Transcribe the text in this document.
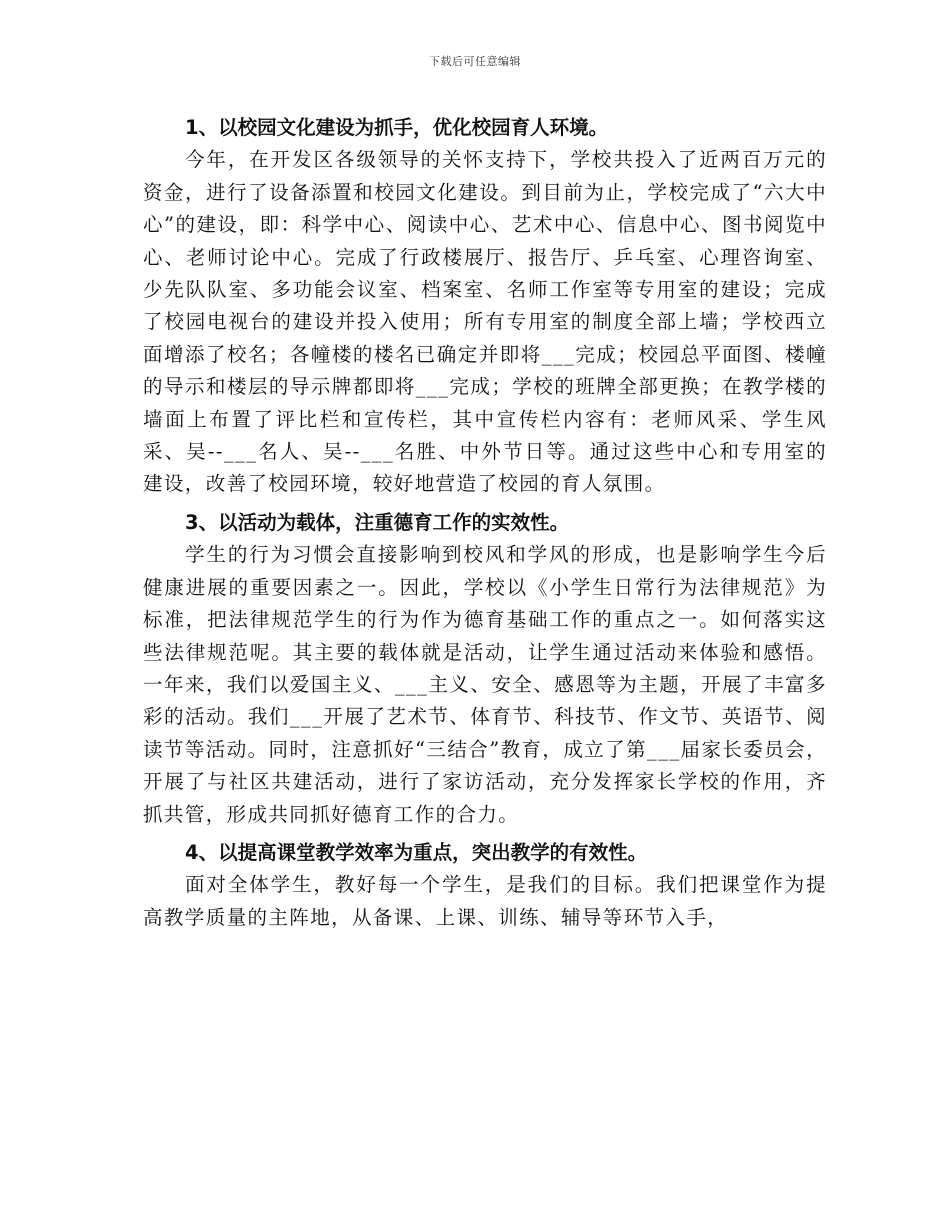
下载后可任意编辑

1、以校园文化建设为抓手，优化校园育人环境。

今年，在开发区各级领导的关怀支持下，学校共投入了近两百万元的资金，进行了设备添置和校园文化建设。到目前为止，学校完成了“六大中心”的建设，即：科学中心、阅读中心、艺术中心、信息中心、图书阅览中心、老师讨论中心。完成了行政楼展厅、报告厅、乒乓室、心理咨询室、少先队队室、多功能会议室、档案室、名师工作室等专用室的建设；完成了校园电视台的建设并投入使用；所有专用室的制度全部上墙；学校西立面增添了校名；各幢楼的楼名已确定并即将___完成；校园总平面图、楼幢的导示和楼层的导示牌都即将___完成；学校的班牌全部更换；在教学楼的墙面上布置了评比栏和宣传栏，其中宣传栏内容有：老师风采、学生风采、吴--___名人、吴--___名胜、中外节日等。通过这些中心和专用室的建设，改善了校园环境，较好地营造了校园的育人氛围。

3、以活动为载体，注重德育工作的实效性。

学生的行为习惯会直接影响到校风和学风的形成，也是影响学生今后健康进展的重要因素之一。因此，学校以《小学生日常行为法律规范》为标准，把法律规范学生的行为作为德育基础工作的重点之一。如何落实这些法律规范呢。其主要的载体就是活动，让学生通过活动来体验和感悟。一年来，我们以爱国主义、___主义、安全、感恩等为主题，开展了丰富多彩的活动。我们___开展了艺术节、体育节、科技节、作文节、英语节、阅读节等活动。同时，注意抓好“三结合”教育，成立了第___届家长委员会，开展了与社区共建活动，进行了家访活动，充分发挥家长学校的作用，齐抓共管，形成共同抓好德育工作的合力。

4、以提高课堂教学效率为重点，突出教学的有效性。

面对全体学生，教好每一个学生，是我们的目标。我们把课堂作为提高教学质量的主阵地，从备课、上课、训练、辅导等环节入手，
